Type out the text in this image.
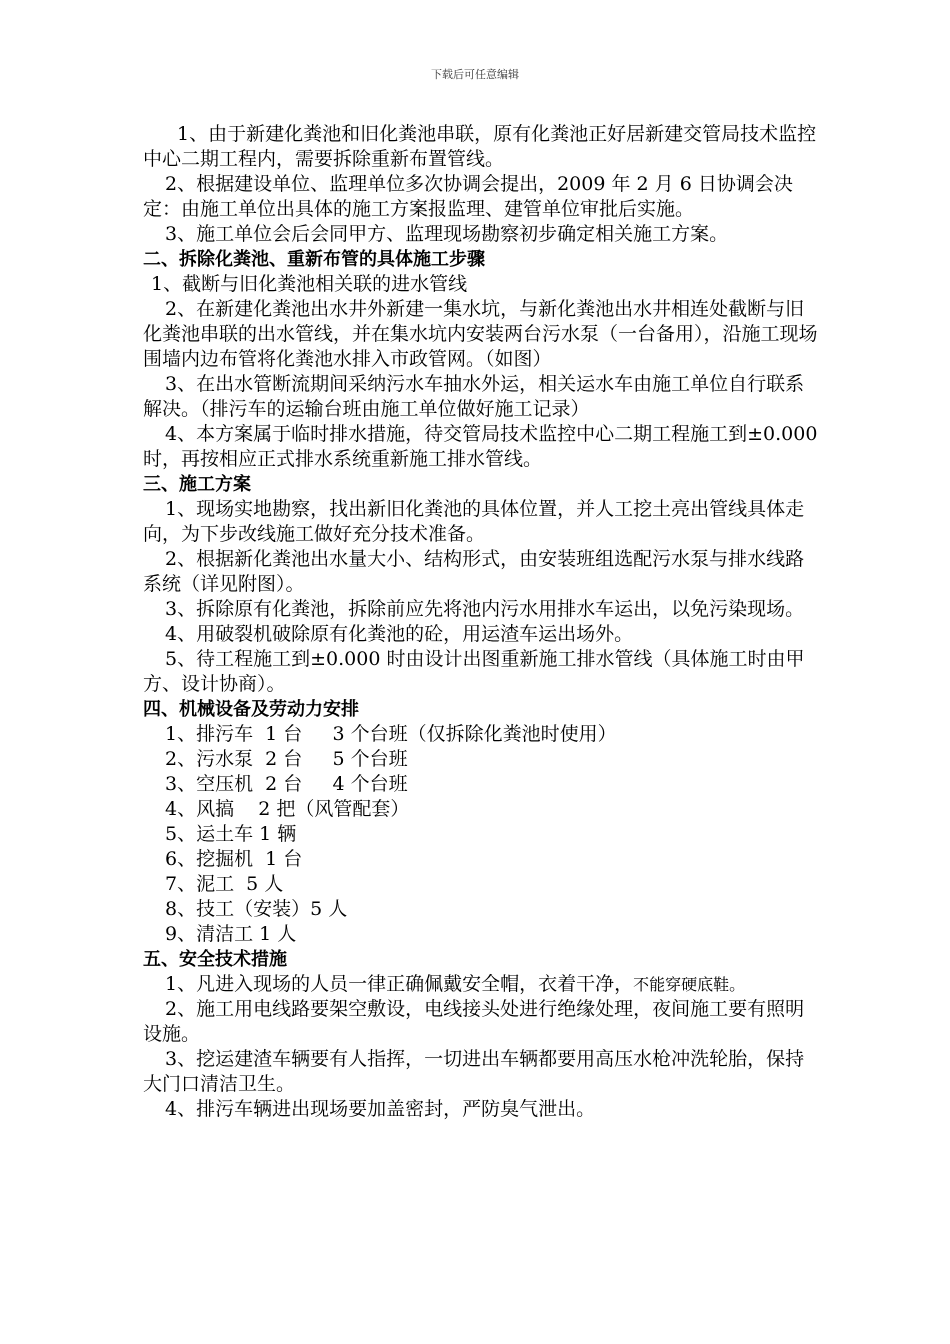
下载后可任意编辑

1、由于新建化粪池和旧化粪池串联，原有化粪池正好居新建交管局技术监控中心二期工程内，需要拆除重新布置管线。

2、根据建设单位、监理单位多次协调会提出，2009 年 2 月 6 日协调会决定：由施工单位出具体的施工方案报监理、建管单位审批后实施。

3、施工单位会后会同甲方、监理现场勘察初步确定相关施工方案。

二、拆除化粪池、重新布管的具体施工步骤

1、截断与旧化粪池相关联的进水管线

2、在新建化粪池出水井外新建一集水坑，与新化粪池出水井相连处截断与旧化粪池串联的出水管线，并在集水坑内安装两台污水泵（一台备用），沿施工现场围墙内边布管将化粪池水排入市政管网。（如图）

3、在出水管断流期间采纳污水车抽水外运，相关运水车由施工单位自行联系解决。（排污车的运输台班由施工单位做好施工记录）

4、本方案属于临时排水措施，待交管局技术监控中心二期工程施工到±0.000 时，再按相应正式排水系统重新施工排水管线。

三、施工方案

1、现场实地勘察，找出新旧化粪池的具体位置，并人工挖土亮出管线具体走向，为下步改线施工做好充分技术准备。

2、根据新化粪池出水量大小、结构形式，由安装班组选配污水泵与排水线路系统（详见附图）。

3、拆除原有化粪池，拆除前应先将池内污水用排水车运出，以免污染现场。

4、用破裂机破除原有化粪池的砼，用运渣车运出场外。

5、待工程施工到±0.000 时由设计出图重新施工排水管线（具体施工时由甲方、设计协商）。

四、机械设备及劳动力安排

1、排污车  1 台     3 个台班（仅拆除化粪池时使用）

2、污水泵  2 台     5 个台班

3、空压机  2 台     4 个台班

4、风搞    2 把（风管配套）

5、运土车 1 辆

6、挖掘机  1 台

7、泥工  5 人

8、技工（安装）5 人

9、清洁工 1 人

五、安全技术措施

1、凡进入现场的人员一律正确佩戴安全帽，衣着干净，不能穿硬底鞋。

2、施工用电线路要架空敷设，电线接头处进行绝缘处理，夜间施工要有照明设施。

3、挖运建渣车辆要有人指挥，一切进出车辆都要用高压水枪冲洗轮胎，保持大门口清洁卫生。

4、排污车辆进出现场要加盖密封，严防臭气泄出。
